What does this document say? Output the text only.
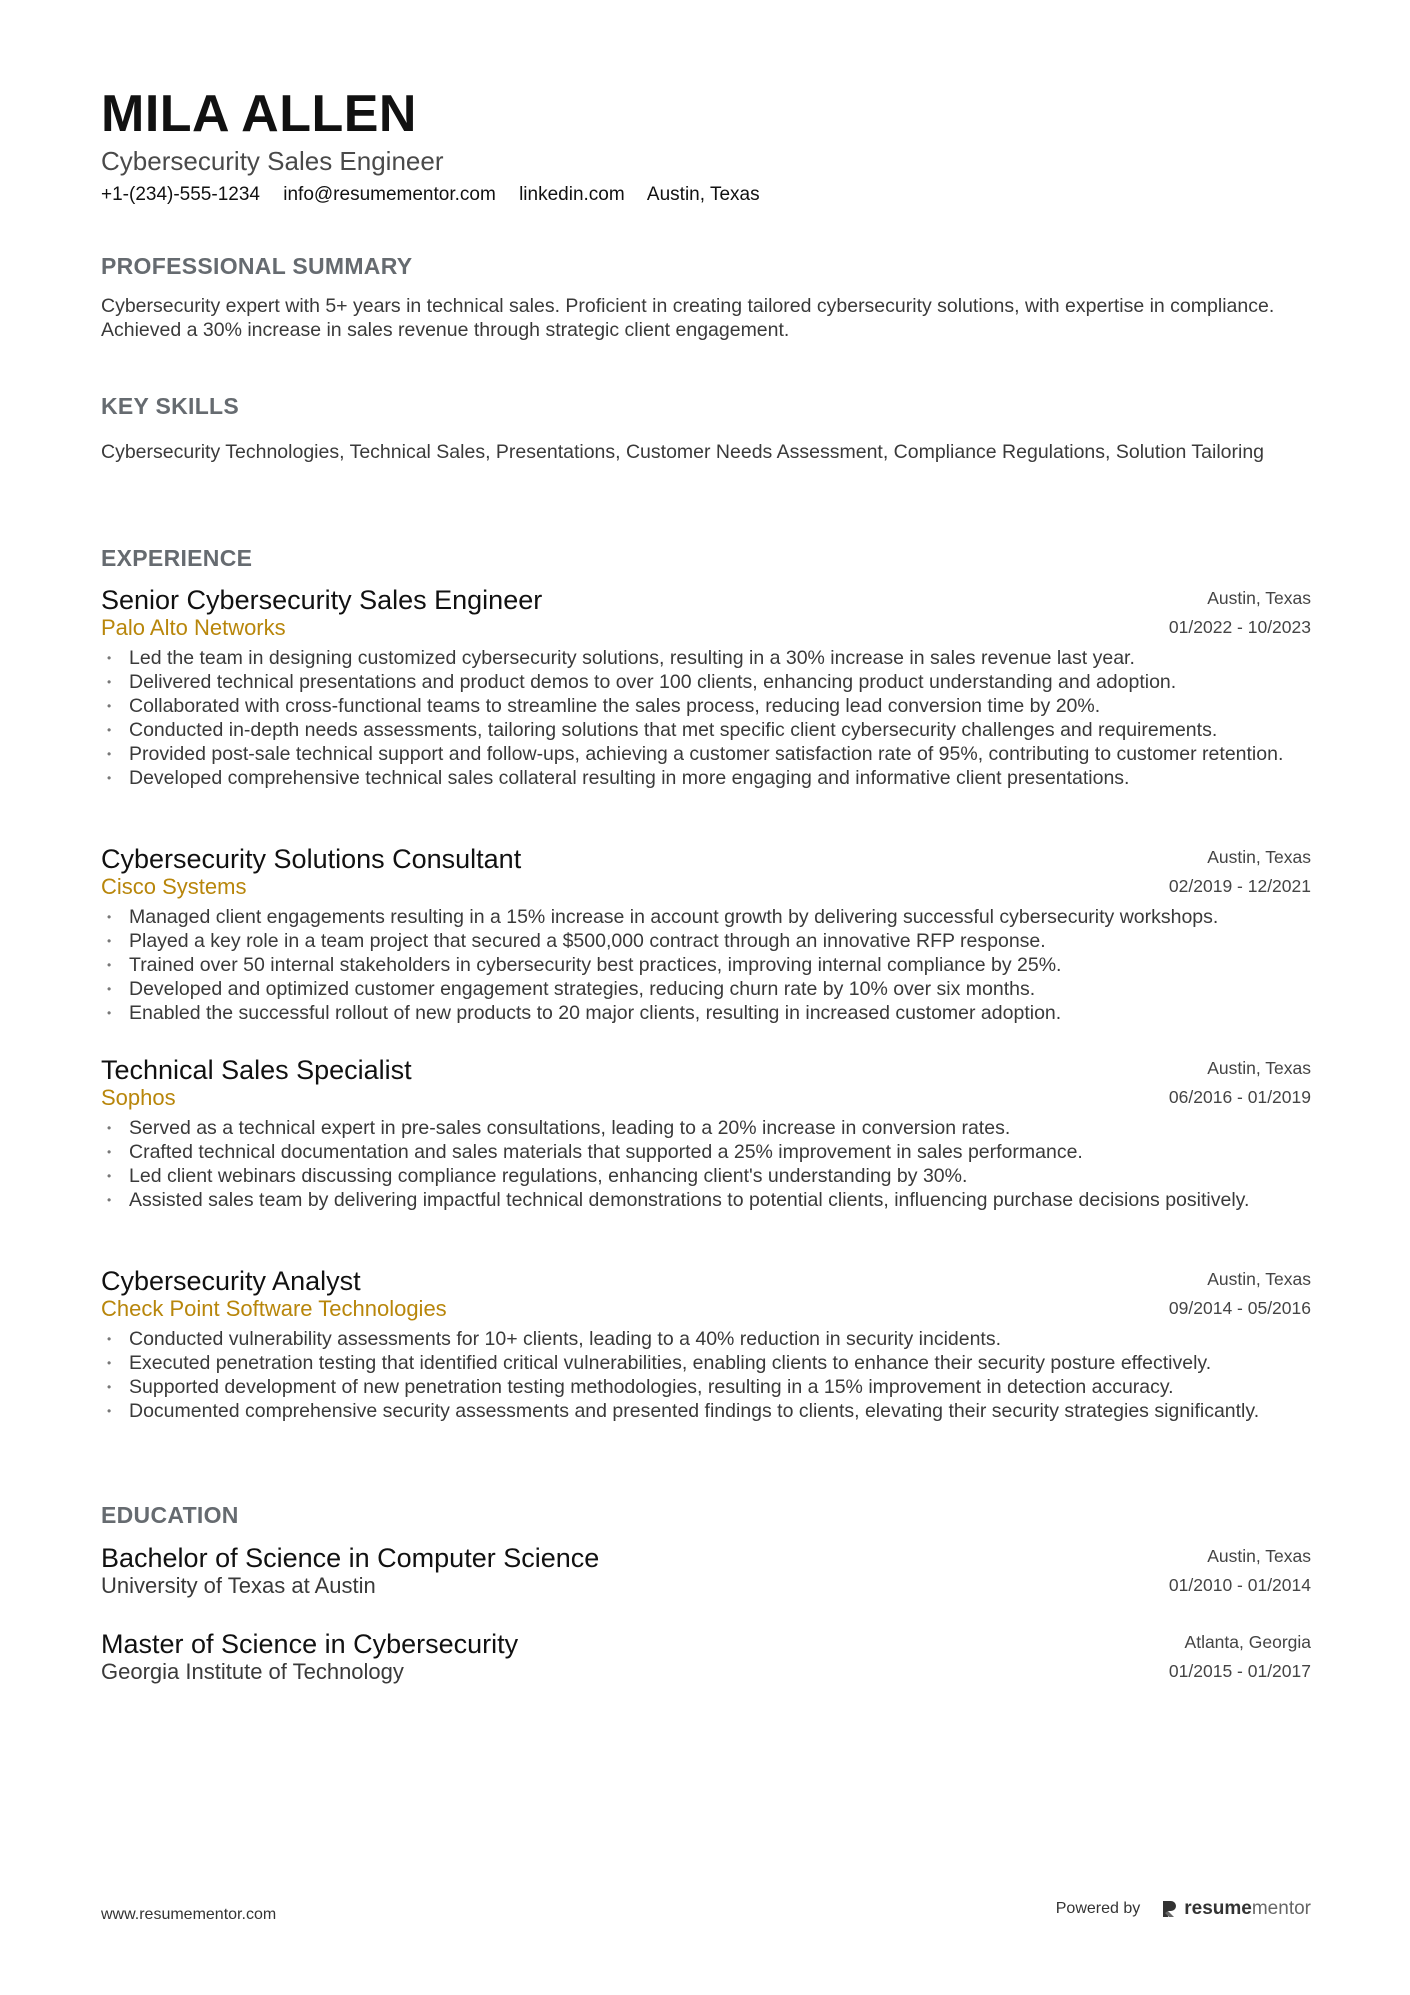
MILA ALLEN
Cybersecurity Sales Engineer
+1-(234)-555-1234 info@resumementor.com linkedin.com Austin, Texas
PROFESSIONAL SUMMARY
Cybersecurity expert with 5+ years in technical sales. Proficient in creating tailored cybersecurity solutions, with expertise in compliance. Achieved a 30% increase in sales revenue through strategic client engagement.
KEY SKILLS
Cybersecurity Technologies, Technical Sales, Presentations, Customer Needs Assessment, Compliance Regulations, Solution Tailoring
EXPERIENCE
Senior Cybersecurity Sales Engineer
Palo Alto Networks
Austin, Texas
01/2022 - 10/2023
• Led the team in designing customized cybersecurity solutions, resulting in a 30% increase in sales revenue last year.
• Delivered technical presentations and product demos to over 100 clients, enhancing product understanding and adoption.
• Collaborated with cross-functional teams to streamline the sales process, reducing lead conversion time by 20%.
• Conducted in-depth needs assessments, tailoring solutions that met specific client cybersecurity challenges and requirements.
• Provided post-sale technical support and follow-ups, achieving a customer satisfaction rate of 95%, contributing to customer retention.
• Developed comprehensive technical sales collateral resulting in more engaging and informative client presentations.
Cybersecurity Solutions Consultant
Cisco Systems
Austin, Texas
02/2019 - 12/2021
• Managed client engagements resulting in a 15% increase in account growth by delivering successful cybersecurity workshops.
• Played a key role in a team project that secured a $500,000 contract through an innovative RFP response.
• Trained over 50 internal stakeholders in cybersecurity best practices, improving internal compliance by 25%.
• Developed and optimized customer engagement strategies, reducing churn rate by 10% over six months.
• Enabled the successful rollout of new products to 20 major clients, resulting in increased customer adoption.
Technical Sales Specialist
Sophos
Austin, Texas
06/2016 - 01/2019
• Served as a technical expert in pre-sales consultations, leading to a 20% increase in conversion rates.
• Crafted technical documentation and sales materials that supported a 25% improvement in sales performance.
• Led client webinars discussing compliance regulations, enhancing client's understanding by 30%.
• Assisted sales team by delivering impactful technical demonstrations to potential clients, influencing purchase decisions positively.
Cybersecurity Analyst
Check Point Software Technologies
Austin, Texas
09/2014 - 05/2016
• Conducted vulnerability assessments for 10+ clients, leading to a 40% reduction in security incidents.
• Executed penetration testing that identified critical vulnerabilities, enabling clients to enhance their security posture effectively.
• Supported development of new penetration testing methodologies, resulting in a 15% improvement in detection accuracy.
• Documented comprehensive security assessments and presented findings to clients, elevating their security strategies significantly.
EDUCATION
Bachelor of Science in Computer Science
University of Texas at Austin
Austin, Texas
01/2010 - 01/2014
Master of Science in Cybersecurity
Georgia Institute of Technology
Atlanta, Georgia
01/2015 - 01/2017
www.resumementor.com	Powered by resumementor
